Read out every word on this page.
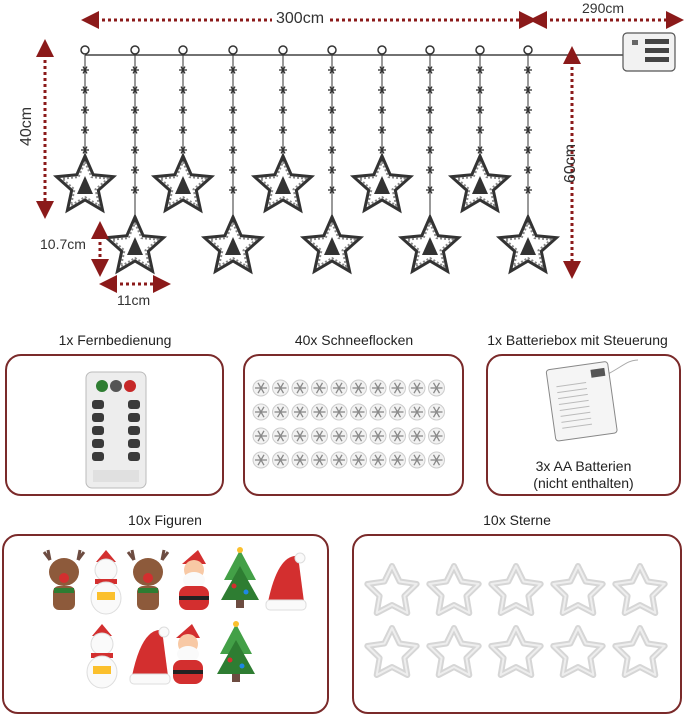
300cm
290cm
40cm
60cm
10.7cm
11cm
1x Fernbedienung	40x Schneeflocken	1x Batteriebox mit Steuerung
3x AA Batterien
(nicht enthalten)
10x Figuren	10x Sterne
